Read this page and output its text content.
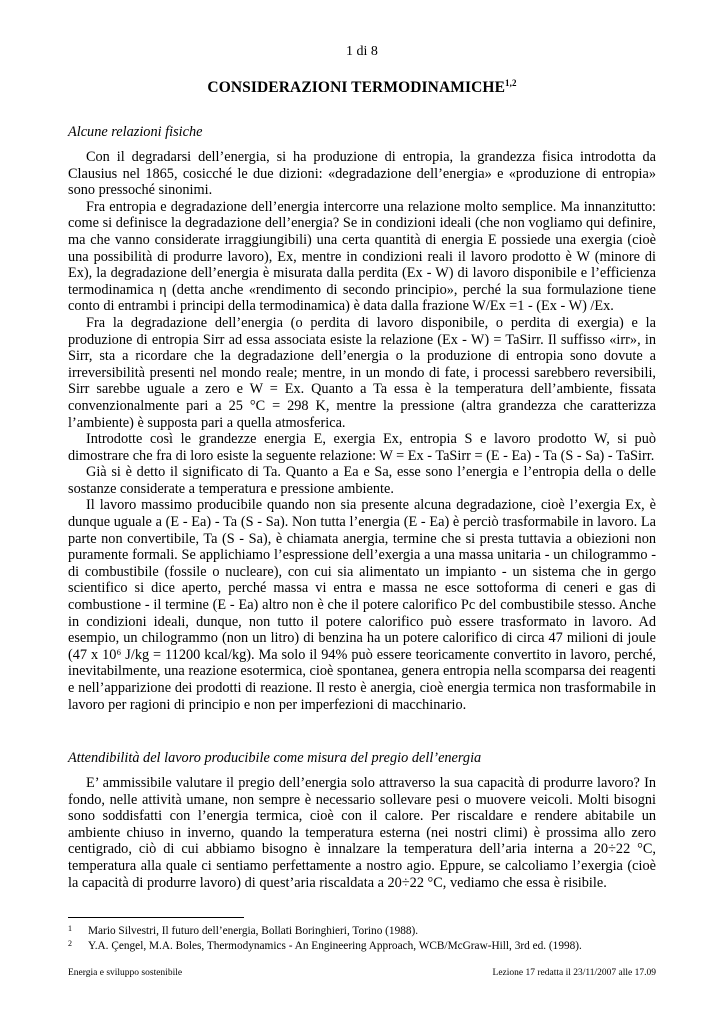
1 di 8
CONSIDERAZIONI TERMODINAMICHE$^{1,2}$
Alcune relazioni fisiche

Con il degradarsi dell’energia, si ha produzione di entropia, la grandezza fisica introdotta da Clausius nel 1865, cosicché le due dizioni: «degradazione dell’energia» e «produzione di entropia» sono pressoché sinonimi.

Fra entropia e degradazione dell’energia intercorre una relazione molto semplice. Ma innanzitutto: come si definisce la degradazione dell’energia? Se in condizioni ideali (che non vogliamo qui definire, ma che vanno considerate irraggiungibili) una certa quantità di energia E possiede una exergia (cioè una possibilità di produrre lavoro), Ex, mentre in condizioni reali il lavoro prodotto è W (minore di Ex), la degradazione dell’energia è misurata dalla perdita (Ex - W) di lavoro disponibile e l’efficienza termodinamica η (detta anche «rendimento di secondo principio», perché la sua formulazione tiene conto di entrambi i principi della termodinamica) è data dalla frazione W/Ex =1 - (Ex - W) /Ex.

Fra la degradazione dell’energia (o perdita di lavoro disponibile, o perdita di exergia) e la produzione di entropia Sirr ad essa associata esiste la relazione (Ex - W) = TaSirr. Il suffisso «irr», in Sirr, sta a ricordare che la degradazione dell’energia o la produzione di entropia sono dovute a irreversibilità presenti nel mondo reale; mentre, in un mondo di fate, i processi sarebbero reversibili, Sirr sarebbe uguale a zero e W = Ex. Quanto a Ta essa è la temperatura dell’ambiente, fissata convenzionalmente pari a 25 °C = 298 K, mentre la pressione (altra grandezza che caratterizza l’ambiente) è supposta pari a quella atmosferica.

Introdotte così le grandezze energia E, exergia Ex, entropia S e lavoro prodotto W, si può dimostrare che fra di loro esiste la seguente relazione: W = Ex - TaSirr = (E - Ea) - Ta (S - Sa) - TaSirr.

Già si è detto il significato di Ta. Quanto a Ea e Sa, esse sono l’energia e l’entropia della o delle sostanze considerate a temperatura e pressione ambiente.

Il lavoro massimo producibile quando non sia presente alcuna degradazione, cioè l’exergia Ex, è dunque uguale a (E - Ea) - Ta (S - Sa). Non tutta l’energia (E - Ea) è perciò trasformabile in lavoro. La parte non convertibile, Ta (S - Sa), è chiamata anergia, termine che si presta tuttavia a obiezioni non puramente formali. Se applichiamo l’espressione dell’exergia a una massa unitaria - un chilogrammo - di combustibile (fossile o nucleare), con cui sia alimentato un impianto - un sistema che in gergo scientifico si dice aperto, perché massa vi entra e massa ne esce sottoforma di ceneri e gas di combustione - il termine (E - Ea) altro non è che il potere calorifico Pc del combustibile stesso. Anche in condizioni ideali, dunque, non tutto il potere calorifico può essere trasformato in lavoro. Ad esempio, un chilogrammo (non un litro) di benzina ha un potere calorifico di circa 47 milioni di joule (47 x 10⁶ J/kg = 11200 kcal/kg). Ma solo il 94% può essere teoricamente convertito in lavoro, perché, inevitabilmente, una reazione esotermica, cioè spontanea, genera entropia nella scomparsa dei reagenti e nell’apparizione dei prodotti di reazione. Il resto è anergia, cioè energia termica non trasformabile in lavoro per ragioni di principio e non per imperfezioni di macchinario.

Attendibilità del lavoro producibile come misura del pregio dell’energia

E’ ammissibile valutare il pregio dell’energia solo attraverso la sua capacità di produrre lavoro? In fondo, nelle attività umane, non sempre è necessario sollevare pesi o muovere veicoli. Molti bisogni sono soddisfatti con l’energia termica, cioè con il calore. Per riscaldare e rendere abitabile un ambiente chiuso in inverno, quando la temperatura esterna (nei nostri climi) è prossima allo zero centigrado, ciò di cui abbiamo bisogno è innalzare la temperatura dell’aria interna a 20÷22 °C, temperatura alla quale ci sentiamo perfettamente a nostro agio. Eppure, se calcoliamo l’exergia (cioè la capacità di produrre lavoro) di quest’aria riscaldata a 20÷22 °C, vediamo che essa è risibile.

1 Mario Silvestri, Il futuro dell’energia, Bollati Boringhieri, Torino (1988).
2 Y.A. Çengel, M.A. Boles, Thermodynamics - An Engineering Approach, WCB/McGraw-Hill, 3rd ed. (1998).
Energia e sviluppo sostenibile	Lezione 17 redatta il 23/11/2007 alle 17.09
